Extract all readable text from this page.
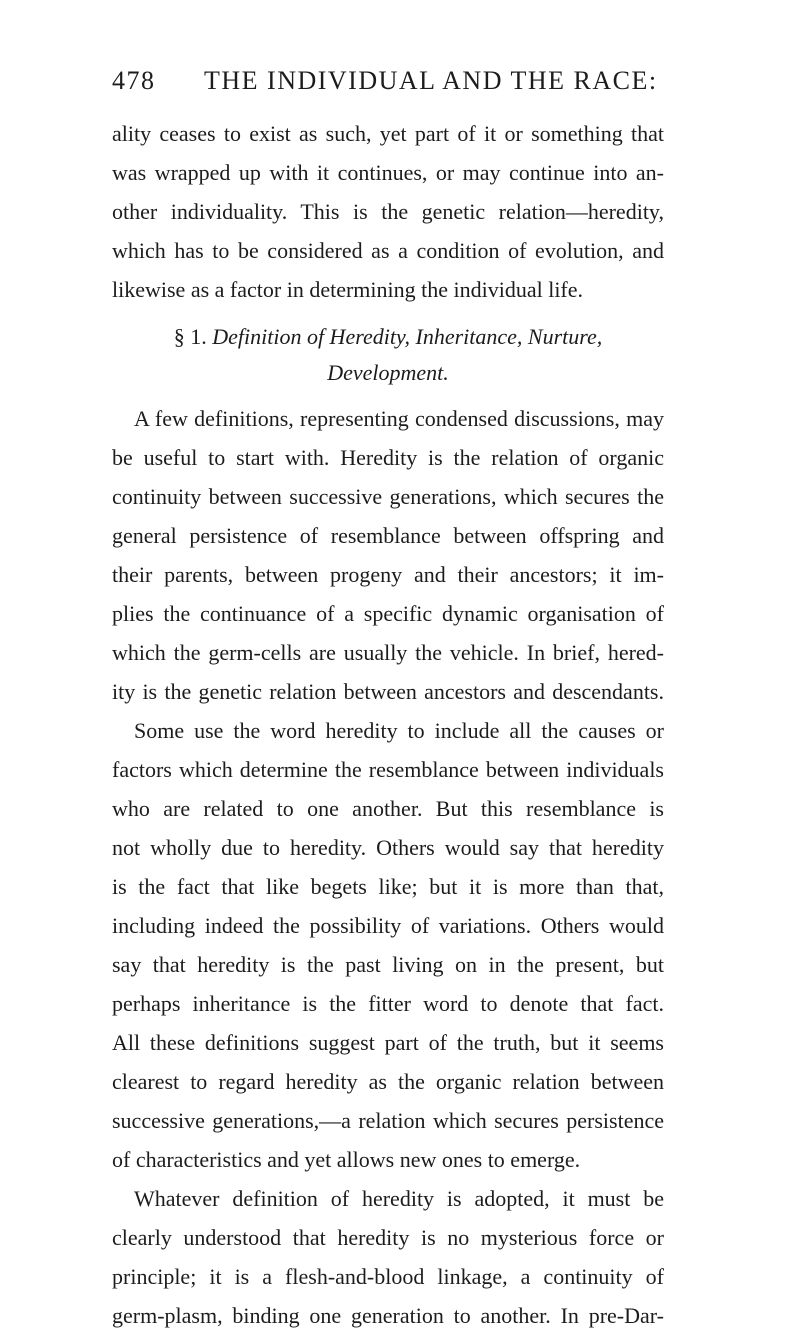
478 THE INDIVIDUAL AND THE RACE:
ality ceases to exist as such, yet part of it or something that
was wrapped up with it continues, or may continue into an-
other individuality. This is the genetic relation—heredity,
which has to be considered as a condition of evolution, and
likewise as a factor in determining the individual life.
§ 1. Definition of Heredity, Inheritance, Nurture,
Development.
A few definitions, representing condensed discussions, may
be useful to start with. Heredity is the relation of organic
continuity between successive generations, which secures the
general persistence of resemblance between offspring and
their parents, between progeny and their ancestors; it im-
plies the continuance of a specific dynamic organisation of
which the germ-cells are usually the vehicle. In brief, hered-
ity is the genetic relation between ancestors and descendants.
Some use the word heredity to include all the causes or
factors which determine the resemblance between individuals
who are related to one another. But this resemblance is
not wholly due to heredity. Others would say that heredity
is the fact that like begets like; but it is more than that,
including indeed the possibility of variations. Others would
say that heredity is the past living on in the present, but
perhaps inheritance is the fitter word to denote that fact.
All these definitions suggest part of the truth, but it seems
clearest to regard heredity as the organic relation between
successive generations,—a relation which secures persistence
of characteristics and yet allows new ones to emerge.
Whatever definition of heredity is adopted, it must be
clearly understood that heredity is no mysterious force or
principle; it is a flesh-and-blood linkage, a continuity of
germ-plasm, binding one generation to another. In pre-Dar-
